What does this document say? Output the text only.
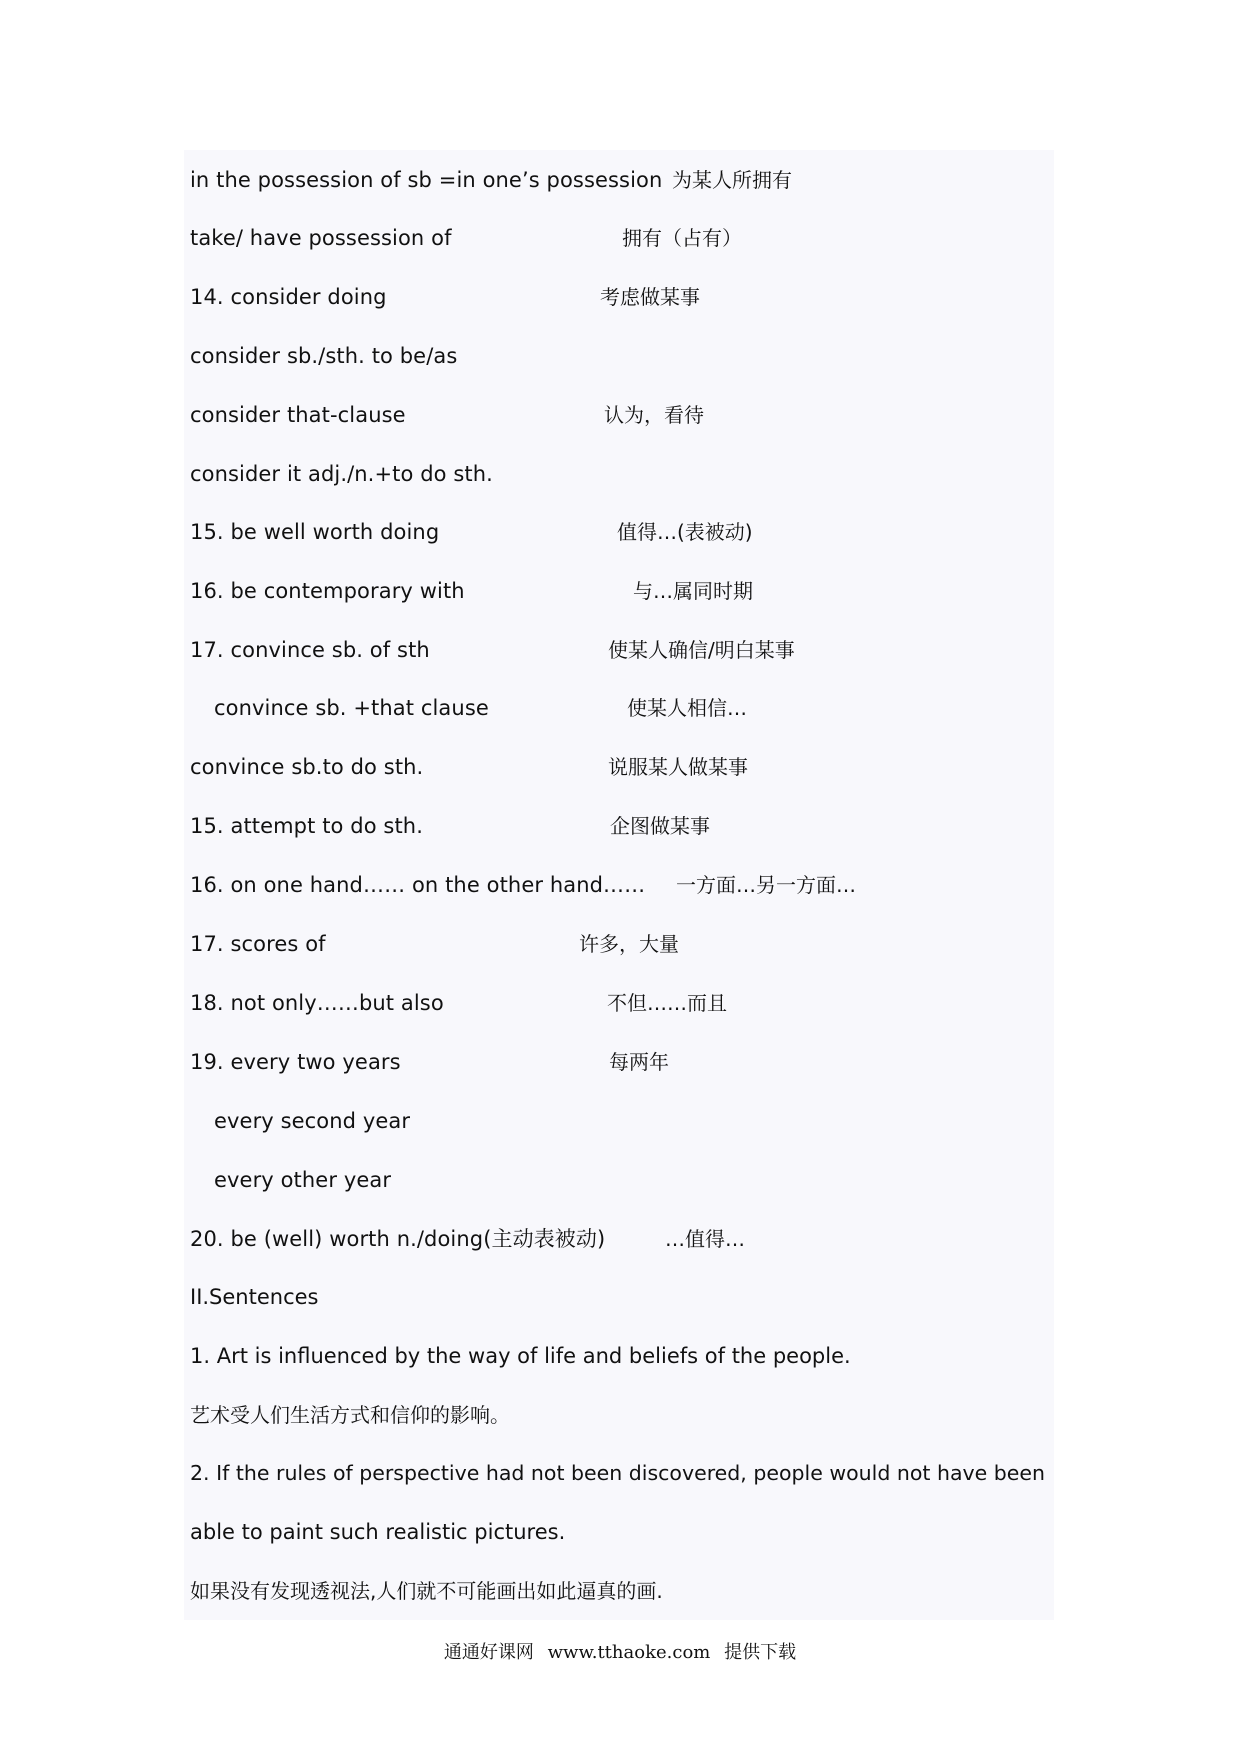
in the possession of sb =in one’s possession 为某人所拥有
take/ have possession of	拥有（占有）
14. consider doing	考虑做某事
consider sb./sth. to be/as
consider that-clause	认为，看待
consider it adj./n.+to do sth.
15. be well worth doing	值得…(表被动)
16. be contemporary with	与…属同时期
17. convince sb. of sth	使某人确信/明白某事
convince sb. +that clause	使某人相信…
convince sb.to do sth.	说服某人做某事
15. attempt to do sth.	企图做某事
16. on one hand…… on the other hand…… 一方面…另一方面…
17. scores of	许多，大量
18. not only……but also	不但……而且
19. every two years	每两年
every second year
every other year
20. be (well) worth n./doing(主动表被动)	…值得…
II.Sentences
1. Art is influenced by the way of life and beliefs of the people.
艺术受人们生活方式和信仰的影响。
2. If the rules of perspective had not been discovered, people would not have been
able to paint such realistic pictures.
如果没有发现透视法,人们就不可能画出如此逼真的画.
通通好课网 www.tthaoke.com 提供下载
